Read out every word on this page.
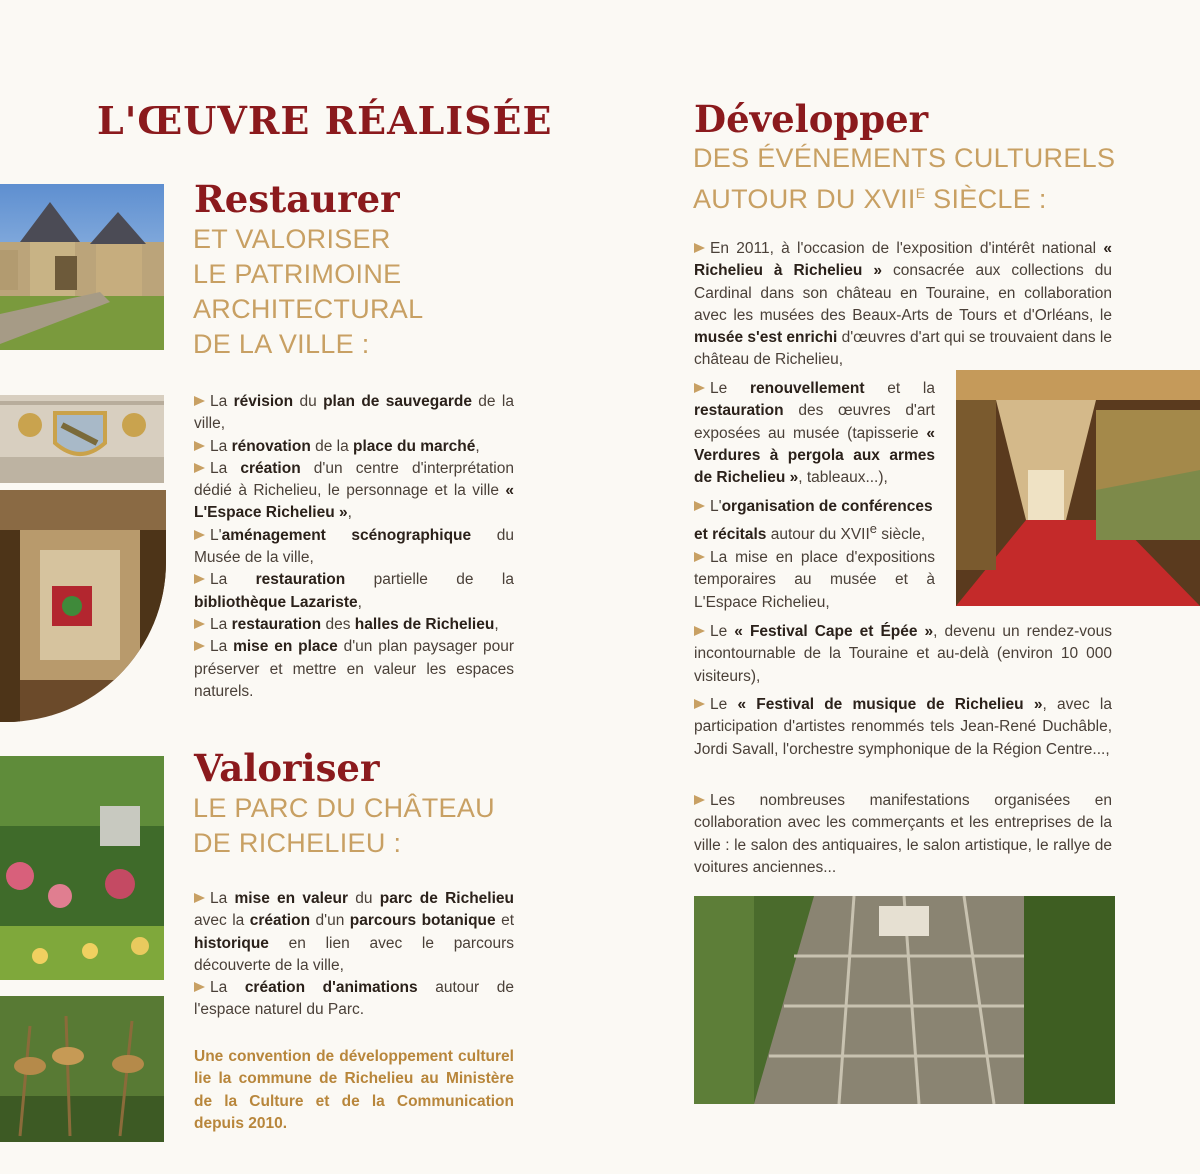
L'ŒUVRE RÉALISÉE
Restaurer

ET VALORISER

LE PATRIMOINE

ARCHITECTURAL

DE LA VILLE :

La révision du plan de sauvegarde de la ville,
La rénovation de la place du marché,
La création d'un centre d'interprétation dédié à Richelieu, le personnage et la ville « L'Espace Richelieu »,
L'aménagement scénographique du Musée de la ville,
La restauration partielle de la bibliothèque Lazariste,
La restauration des halles de Richelieu,
La mise en place d'un plan paysager pour préserver et mettre en valeur les espaces naturels.
Valoriser

LE PARC DU CHÂTEAU

DE RICHELIEU :

La mise en valeur du parc de Richelieu avec la création d'un parcours botanique et historique en lien avec le parcours découverte de la ville,
La création d'animations autour de l'espace naturel du Parc.

Une convention de développement culturel lie la commune de Richelieu au Ministère de la Culture et de la Communication depuis 2010.

Développer

DES ÉVÉNEMENTS CULTURELS

AUTOUR DU $XVII^E$ SIÈCLE :

En 2011, à l'occasion de l'exposition d'intérêt national « Richelieu à Richelieu » consacrée aux collections du Cardinal dans son château en Touraine, en collaboration avec les musées des Beaux-Arts de Tours et d'Orléans, le musée s'est enrichi d'œuvres d'art qui se trouvaient dans le château de Richelieu,
Le renouvellement et la restauration des œuvres d'art exposées au musée (tapisserie « Verdures à pergola aux armes de Richelieu », tableaux...),
L'organisation de conférences et récitals autour du XVIIe siècle,
La mise en place d'expositions temporaires au musée et à L'Espace Richelieu,
Le « Festival Cape et Épée », devenu un rendez-vous incontournable de la Touraine et au-delà (environ 10 000 visiteurs),
Le « Festival de musique de Richelieu », avec la participation d'artistes renommés tels Jean-René Duchâble, Jordi Savall, l'orchestre symphonique de la Région Centre...,
Les nombreuses manifestations organisées en collaboration avec les commerçants et les entreprises de la ville : le salon des antiquaires, le salon artistique, le rallye de voitures anciennes...
